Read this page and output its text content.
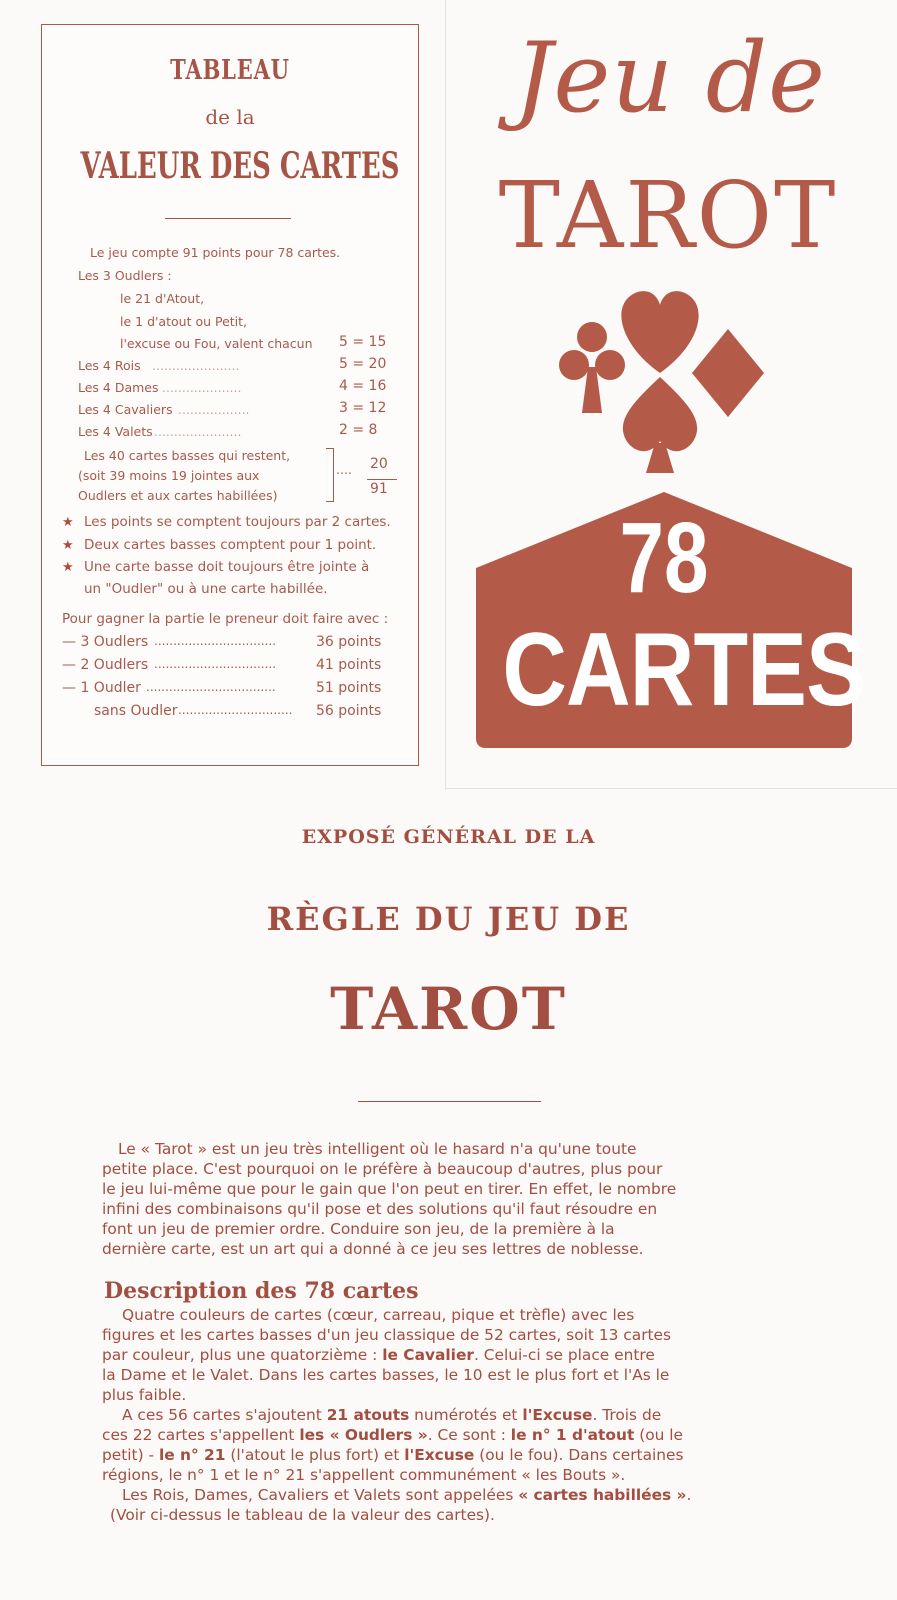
TABLEAU
de la
VALEUR DES CARTES
Le jeu compte 91 points pour 78 cartes.
Les 3 Oudlers :
le 21 d'Atout,
le 1 d'atout ou Petit,
l'excuse ou Fou, valent chacun 5 = 15
Les 4 Rois ......................	5 = 20
Les 4 Dames ....................	4 = 16
Les 4 Cavaliers ..................	3 = 12
Les 4 Valets ......................	2 = 8
Les 40 cartes basses qui restent,
(soit 39 moins 19 jointes aux
Oudlers et aux cartes habillées)
.... 20
91
★ Les points se comptent toujours par 2 cartes.
★ Deux cartes basses comptent pour 1 point.
★ Une carte basse doit toujours être jointe à
un "Oudler" ou à une carte habillée.
Pour gagner la partie le preneur doit faire avec :
— 3 Oudlers ................................	36 points
— 2 Oudlers ................................	41 points
— 1 Oudler ..................................	51 points
sans Oudler .............................. 56 points
Jeu de
TAROT
78
CARTES
EXPOSÉ GÉNÉRAL DE LA
RÈGLE DU JEU DE
TAROT
Le « Tarot » est un jeu très intelligent où le hasard n'a qu'une toute
petite place. C'est pourquoi on le préfère à beaucoup d'autres, plus pour
le jeu lui-même que pour le gain que l'on peut en tirer. En effet, le nombre
infini des combinaisons qu'il pose et des solutions qu'il faut résoudre en
font un jeu de premier ordre. Conduire son jeu, de la première à la
dernière carte, est un art qui a donné à ce jeu ses lettres de noblesse.
Description des 78 cartes
Quatre couleurs de cartes (cœur, carreau, pique et trèfle) avec les
figures et les cartes basses d'un jeu classique de 52 cartes, soit 13 cartes
par couleur, plus une quatorzième : le Cavalier. Celui-ci se place entre
la Dame et le Valet. Dans les cartes basses, le 10 est le plus fort et l'As le
plus faible.
A ces 56 cartes s'ajoutent 21 atouts numérotés et l'Excuse. Trois de
ces 22 cartes s'appellent les « Oudlers ». Ce sont : le n° 1 d'atout (ou le
petit) - le n° 21 (l'atout le plus fort) et l'Excuse (ou le fou). Dans certaines
régions, le n° 1 et le n° 21 s'appellent communément « les Bouts ».
Les Rois, Dames, Cavaliers et Valets sont appelées « cartes habillées ».
(Voir ci-dessus le tableau de la valeur des cartes).
